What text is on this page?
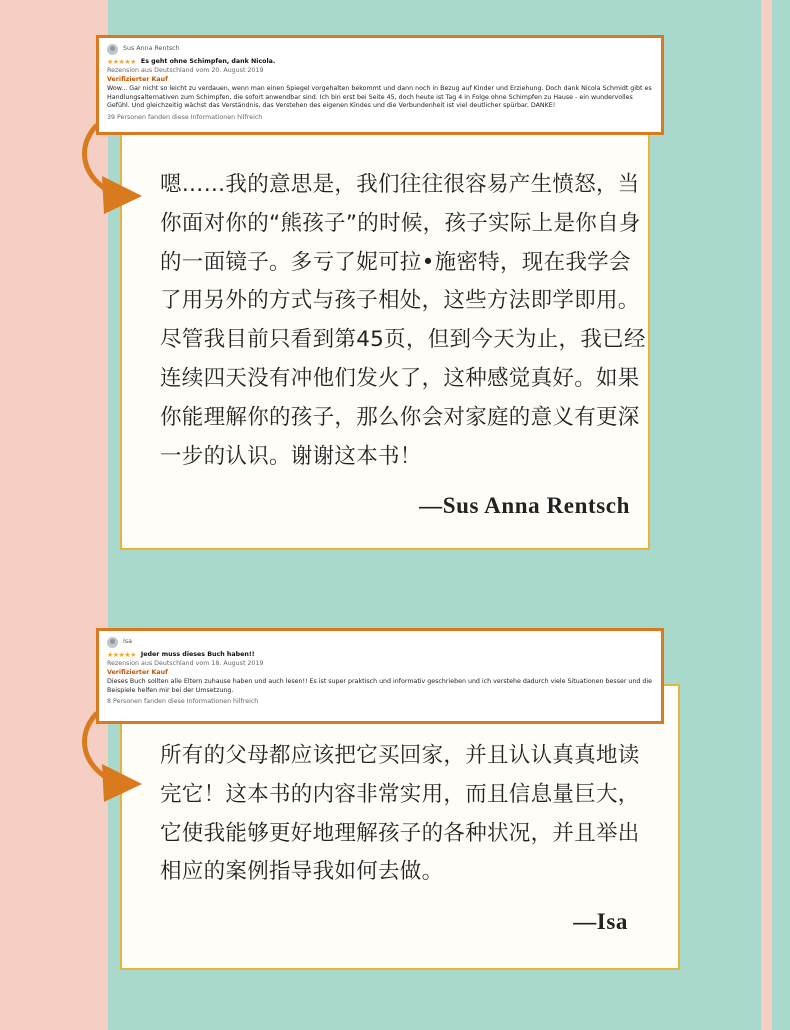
Sus Anna Rentsch
★★★★★ Es geht ohne Schimpfen, dank Nicola.
Rezension aus Deutschland vom 20. August 2019
Verifizierter Kauf
Wow... Gar nicht so leicht zu verdauen, wenn man einen Spiegel vorgehalten bekommt und dann noch in Bezug auf Kinder und Erziehung. Doch dank Nicola Schmidt gibt es Handlungsalternativen zum Schimpfen, die sofort anwendbar sind. Ich bin erst bei Seite 45, doch heute ist Tag 4 in Folge ohne Schimpfen zu Hause - ein wundervolles Gefühl. Und gleichzeitig wächst das Verständnis, das Verstehen des eigenen Kindes und die Verbundenheit ist viel deutlicher spürbar. DANKE!
39 Personen fanden diese Informationen hilfreich
嗯……我的意思是，我们往往很容易产生愤怒，当你面对你的“熊孩子”的时候，孩子实际上是你自身的一面镜子。多亏了妮可拉•施密特，现在我学会了用另外的方式与孩子相处，这些方法即学即用。尽管我目前只看到第45页，但到今天为止，我已经连续四天没有冲他们发火了，这种感觉真好。如果你能理解你的孩子，那么你会对家庭的意义有更深一步的认识。谢谢这本书！
—Sus Anna Rentsch
Isa
★★★★★ Jeder muss dieses Buch haben!!
Rezension aus Deutschland vom 18. August 2019
Verifizierter Kauf
Dieses Buch sollten alle Eltern zuhause haben und auch lesen!! Es ist super praktisch und informativ geschrieben und ich verstehe dadurch viele Situationen besser und die Beispiele helfen mir bei der Umsetzung.
8 Personen fanden diese Informationen hilfreich
所有的父母都应该把它买回家，并且认认真真地读完它！这本书的内容非常实用，而且信息量巨大，它使我能够更好地理解孩子的各种状况，并且举出相应的案例指导我如何去做。
—Isa
